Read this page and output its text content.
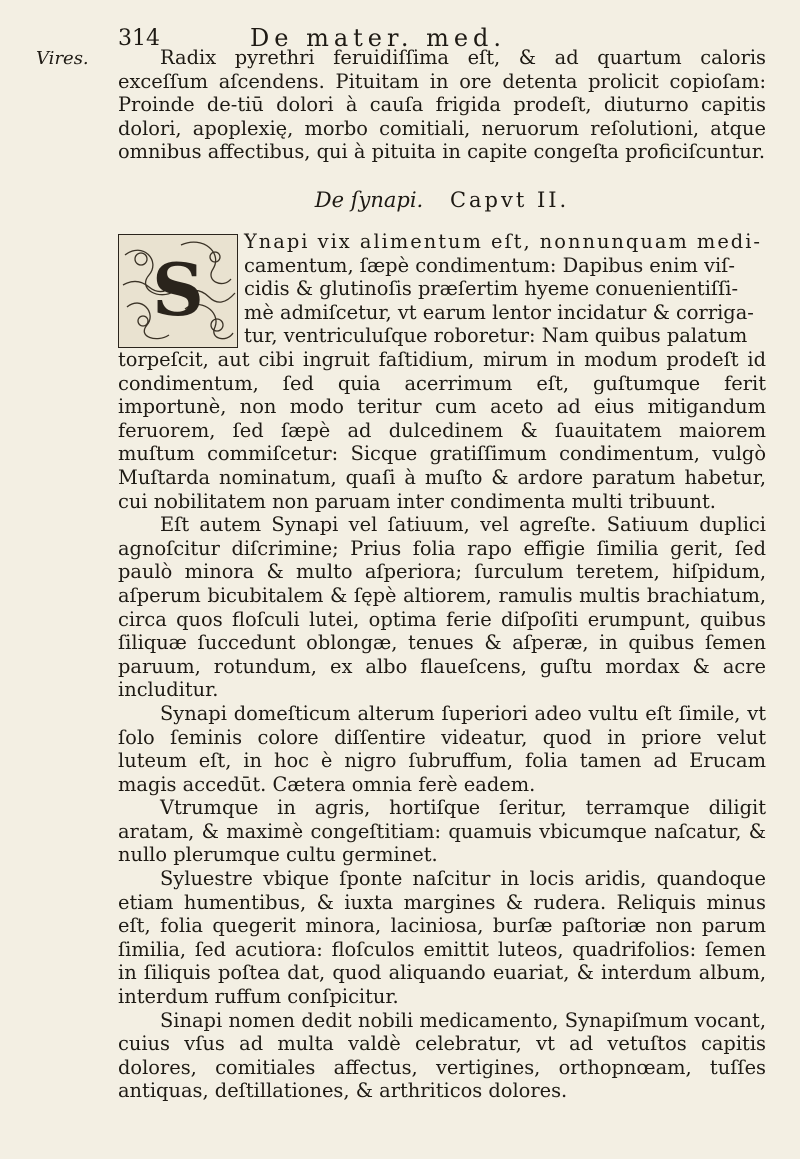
314	De mater. med.
Vires.	Radix pyrethri feruidiſſima eſt, & ad quartum caloris exceſſum aſcendens. Pituitam in ore detenta prolicit copioſam: Proinde de-tiū dolori à cauſa frigida prodeſt, diuturno capitis dolori, apoplexię, morbo comitiali, neruorum reſolutioni, atque omnibus affectibus, qui à pituita in capite congeſta proficiſcuntur.

De ſynapi. Capvt II.
S

Ynapi vix alimentum eſt, nonnunquam medi-
camentum, ſæpè condimentum: Dapibus enim viſ-
cidis & glutinoſis præſertim hyeme conuenientiſſi-
mè admiſcetur, vt earum lentor incidatur & corriga-
tur, ventriculuſque roboretur: Nam quibus palatum

torpeſcit, aut cibi ingruit faſtidium, mirum in modum prodeſt id condimentum, ſed quia acerrimum eſt, guſtumque ferit importunè, non modo teritur cum aceto ad eius mitigandum feruorem, ſed ſæpè ad dulcedinem & ſuauitatem maiorem muſtum commiſcetur: Sicque gratiſſimum condimentum, vulgò Muſtarda nominatum, quaſi à muſto & ardore paratum habetur, cui nobilitatem non paruam inter condimenta multi tribuunt.

Eſt autem Synapi vel ſatiuum, vel agreſte. Satiuum duplici agnoſcitur diſcrimine; Prius folia rapo effigie ſimilia gerit, ſed paulò minora & multo aſperiora; ſurculum teretem, hiſpidum, aſperum bicubitalem & ſępè altiorem, ramulis multis brachiatum, circa quos floſculi lutei, optima ferie diſpoſiti erumpunt, quibus ſiliquæ ſuccedunt oblongæ, tenues & aſperæ, in quibus ſemen paruum, rotundum, ex albo flaueſcens, guſtu mordax & acre includitur.

Synapi domeſticum alterum ſuperiori adeo vultu eſt ſimile, vt ſolo ſeminis colore diſſentire videatur, quod in priore velut luteum eſt, in hoc è nigro ſubruffum, folia tamen ad Erucam magis accedūt. Cætera omnia ferè eadem.

Vtrumque in agris, hortiſque ſeritur, terramque diligit aratam, & maximè congeſtitiam: quamuis vbicumque naſcatur, & nullo plerumque cultu germinet.

Syluestre vbique ſponte naſcitur in locis aridis, quandoque etiam humentibus, & iuxta margines & rudera. Reliquis minus eſt, folia quegerit minora, laciniosa, burſæ paſtoriæ non parum ſimilia, ſed acutiora: floſculos emittit luteos, quadrifolios: ſemen in ſiliquis poſtea dat, quod aliquando euariat, & interdum album, interdum ruffum conſpicitur.

Sinapi nomen dedit nobili medicamento, Synapiſmum vocant, cuius vſus ad multa valdè celebratur, vt ad vetuſtos capitis dolores, comitiales affectus, vertigines, orthopnœam, tuſſes antiquas, deſtillationes, & arthriticos dolores.
